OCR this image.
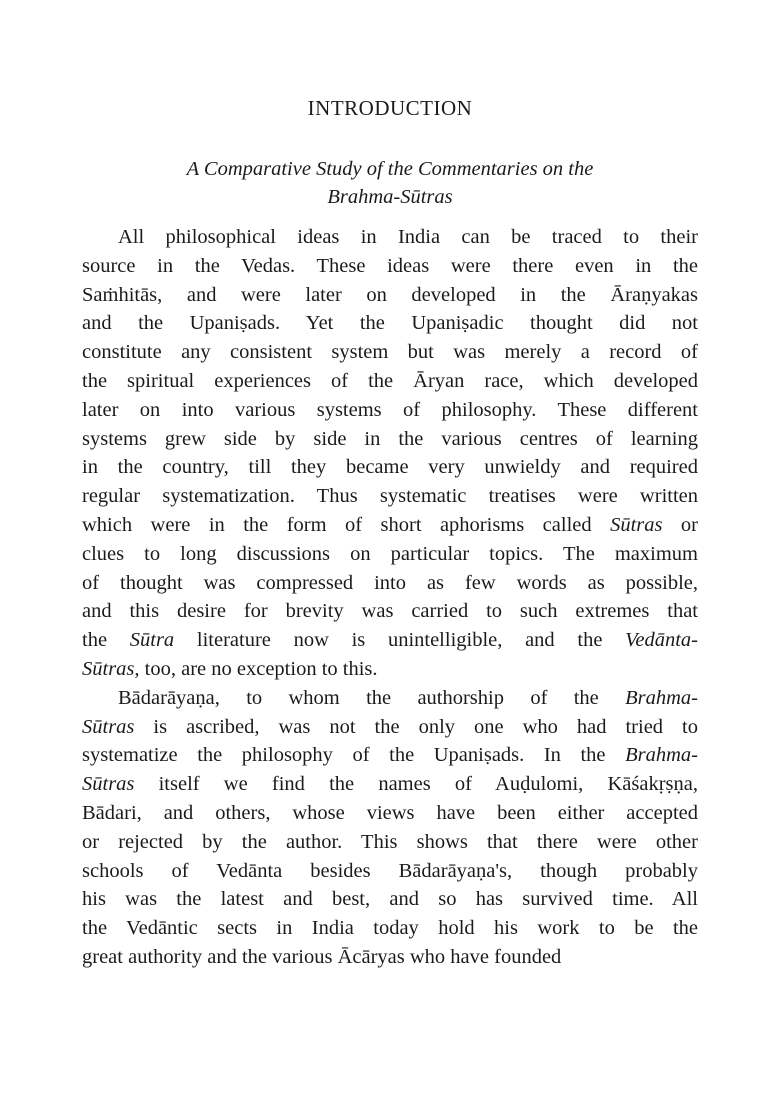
INTRODUCTION
A Comparative Study of the Commentaries on the
Brahma-Sūtras

All philosophical ideas in India can be traced to their
source in the Vedas. These ideas were there even in the
Saṁhitās, and were later on developed in the Āraṇyakas
and the Upaniṣads. Yet the Upaniṣadic thought did not
constitute any consistent system but was merely a record of
the spiritual experiences of the Āryan race, which developed
later on into various systems of philosophy. These different
systems grew side by side in the various centres of learning
in the country, till they became very unwieldy and required
regular systematization. Thus systematic treatises were written
which were in the form of short aphorisms called Sūtras or
clues to long discussions on particular topics. The maximum
of thought was compressed into as few words as possible,
and this desire for brevity was carried to such extremes that
the Sūtra literature now is unintelligible, and the Vedānta-
Sūtras, too, are no exception to this.

Bādarāyaṇa, to whom the authorship of the Brahma-
Sūtras is ascribed, was not the only one who had tried to
systematize the philosophy of the Upaniṣads. In the Brahma-
Sūtras itself we find the names of Auḍulomi, Kāśakṛṣṇa,
Bādari, and others, whose views have been either accepted
or rejected by the author. This shows that there were other
schools of Vedānta besides Bādarāyaṇa's, though probably
his was the latest and best, and so has survived time. All
the Vedāntic sects in India today hold his work to be the
great authority and the various Ācāryas who have founded
